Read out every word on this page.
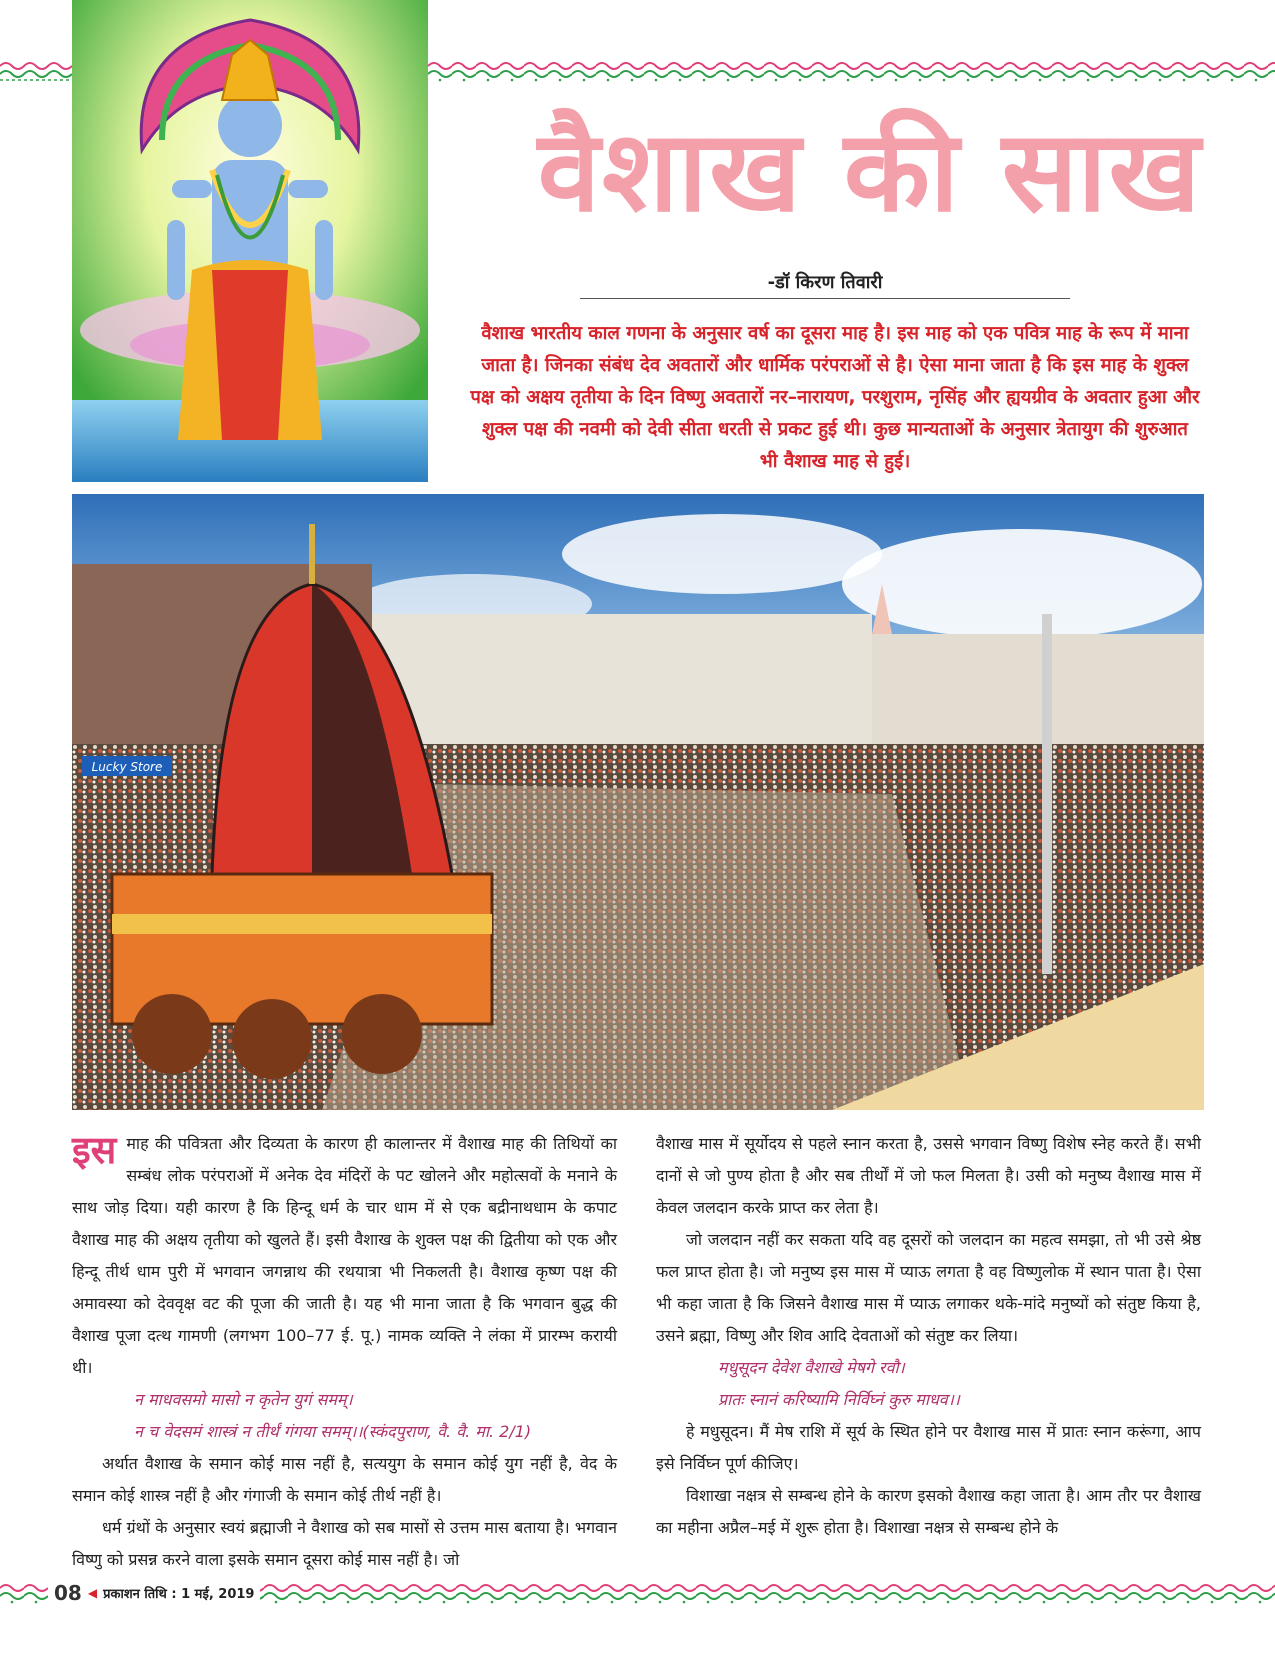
वैशाख की साख
-डॉ किरण तिवारी
वैशाख भारतीय काल गणना के अनुसार वर्ष का दूसरा माह है। इस माह को एक पवित्र माह के रूप में माना जाता है। जिनका संबंध देव अवतारों और धार्मिक परंपराओं से है। ऐसा माना जाता है कि इस माह के शुक्ल पक्ष को अक्षय तृतीया के दिन विष्णु अवतारों नर–नारायण, परशुराम, नृसिंह और ह्ययग्रीव के अवतार हुआ और शुक्ल पक्ष की नवमी को देवी सीता धरती से प्रकट हुई थी। कुछ मान्यताओं के अनुसार त्रेतायुग की शुरुआत भी वैशाख माह से हुई।
Lucky Store

इस माह की पवित्रता और दिव्यता के कारण ही कालान्तर में वैशाख माह की तिथियों का सम्बंध लोक परंपराओं में अनेक देव मंदिरों के पट खोलने और महोत्सवों के मनाने के साथ जोड़ दिया। यही कारण है कि हिन्दू धर्म के चार धाम में से एक बद्रीनाथधाम के कपाट वैशाख माह की अक्षय तृतीया को खुलते हैं। इसी वैशाख के शुक्ल पक्ष की द्वितीया को एक और हिन्दू तीर्थ धाम पुरी में भगवान जगन्नाथ की रथयात्रा भी निकलती है। वैशाख कृष्ण पक्ष की अमावस्या को देववृक्ष वट की पूजा की जाती है। यह भी माना जाता है कि भगवान बुद्ध की वैशाख पूजा दत्थ गामणी (लगभग 100–77 ई. पू.) नामक व्यक्ति ने लंका में प्रारम्भ करायी थी।

न माधवसमो मासो न कृतेन युगं समम्।

न च वेदसमं शास्त्रं न तीर्थं गंगया समम्।।(स्कंदपुराण, वै. वै. मा. 2/1)

अर्थात वैशाख के समान कोई मास नहीं है, सत्ययुग के समान कोई युग नहीं है, वेद के समान कोई शास्त्र नहीं है और गंगाजी के समान कोई तीर्थ नहीं है।

धर्म ग्रंथों के अनुसार स्वयं ब्रह्माजी ने वैशाख को सब मासों से उत्तम मास बताया है। भगवान विष्णु को प्रसन्न करने वाला इसके समान दूसरा कोई मास नहीं है। जो

वैशाख मास में सूर्योदय से पहले स्नान करता है, उससे भगवान विष्णु विशेष स्नेह करते हैं। सभी दानों से जो पुण्य होता है और सब तीर्थों में जो फल मिलता है। उसी को मनुष्य वैशाख मास में केवल जलदान करके प्राप्त कर लेता है।

जो जलदान नहीं कर सकता यदि वह दूसरों को जलदान का महत्व समझा, तो भी उसे श्रेष्ठ फल प्राप्त होता है। जो मनुष्य इस मास में प्याऊ लगता है वह विष्णुलोक में स्थान पाता है। ऐसा भी कहा जाता है कि जिसने वैशाख मास में प्याऊ लगाकर थके-मांदे मनुष्यों को संतुष्ट किया है, उसने ब्रह्मा, विष्णु और शिव आदि देवताओं को संतुष्ट कर लिया।

मधुसूदन देवेश वैशाखे मेषगे रवौ।

प्रातः स्नानं करिष्यामि निर्विघ्नं कुरु माधव।।

हे मधुसूदन। मैं मेष राशि में सूर्य के स्थित होने पर वैशाख मास में प्रातः स्नान करूंगा, आप इसे निर्विघ्न पूर्ण कीजिए।

विशाखा नक्षत्र से सम्बन्ध होने के कारण इसको वैशाख कहा जाता है। आम तौर पर वैशाख का महीना अप्रैल–मई में शुरू होता है। विशाखा नक्षत्र से सम्बन्ध होने के

08 ◀ प्रकाशन तिथि : 1 मई, 2019
